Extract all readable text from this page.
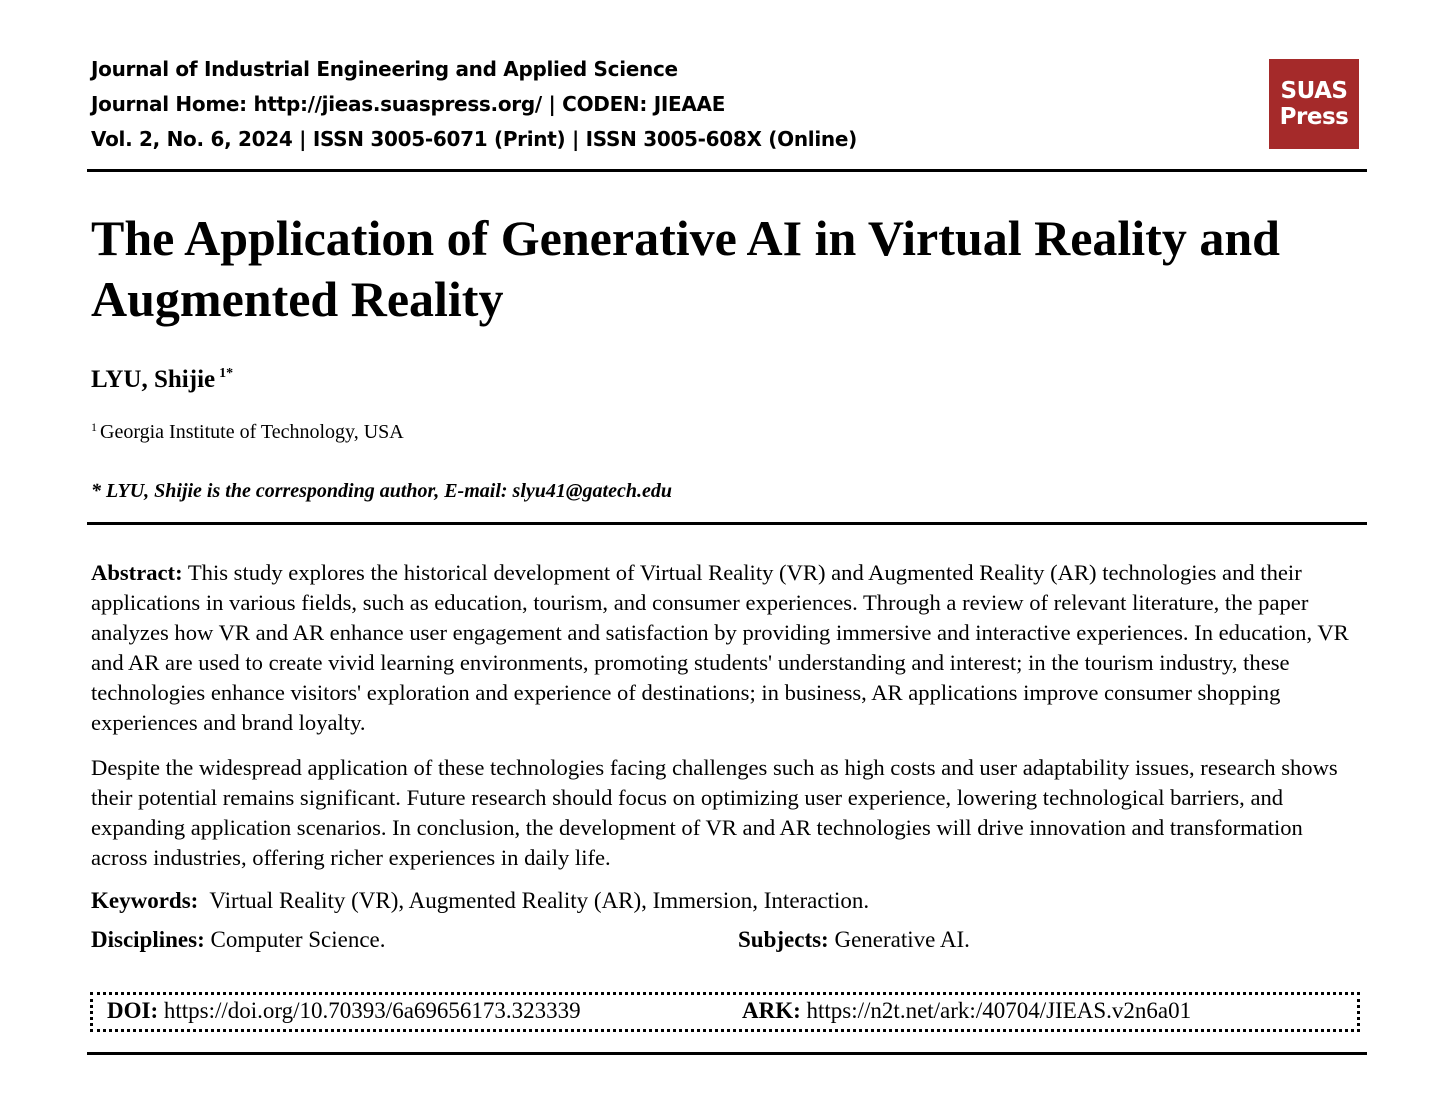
Journal of Industrial Engineering and Applied Science
Journal Home: http://jieas.suaspress.org/ | CODEN: JIEAAE
Vol. 2, No. 6, 2024 | ISSN 3005-6071 (Print) | ISSN 3005-608X (Online)
SUAS
Press
The Application of Generative AI in Virtual Reality and Augmented Reality
LYU, Shijie $^{1*}$
$^1$ Georgia Institute of Technology, USA
* LYU, Shijie is the corresponding author, E-mail: slyu41@gatech.edu

Abstract: This study explores the historical development of Virtual Reality (VR) and Augmented Reality (AR) technologies and their applications in various fields, such as education, tourism, and consumer experiences. Through a review of relevant literature, the paper analyzes how VR and AR enhance user engagement and satisfaction by providing immersive and interactive experiences. In education, VR and AR are used to create vivid learning environments, promoting students' understanding and interest; in the tourism industry, these technologies enhance visitors' exploration and experience of destinations; in business, AR applications improve consumer shopping experiences and brand loyalty.

Despite the widespread application of these technologies facing challenges such as high costs and user adaptability issues, research shows their potential remains significant. Future research should focus on optimizing user experience, lowering technological barriers, and expanding application scenarios. In conclusion, the development of VR and AR technologies will drive innovation and transformation across industries, offering richer experiences in daily life.

Keywords: Virtual Reality (VR), Augmented Reality (AR), Immersion, Interaction.
Disciplines: Computer Science.	Subjects: Generative AI.
DOI: https://doi.org/10.70393/6a69656173.323339	ARK: https://n2t.net/ark:/40704/JIEAS.v2n6a01
